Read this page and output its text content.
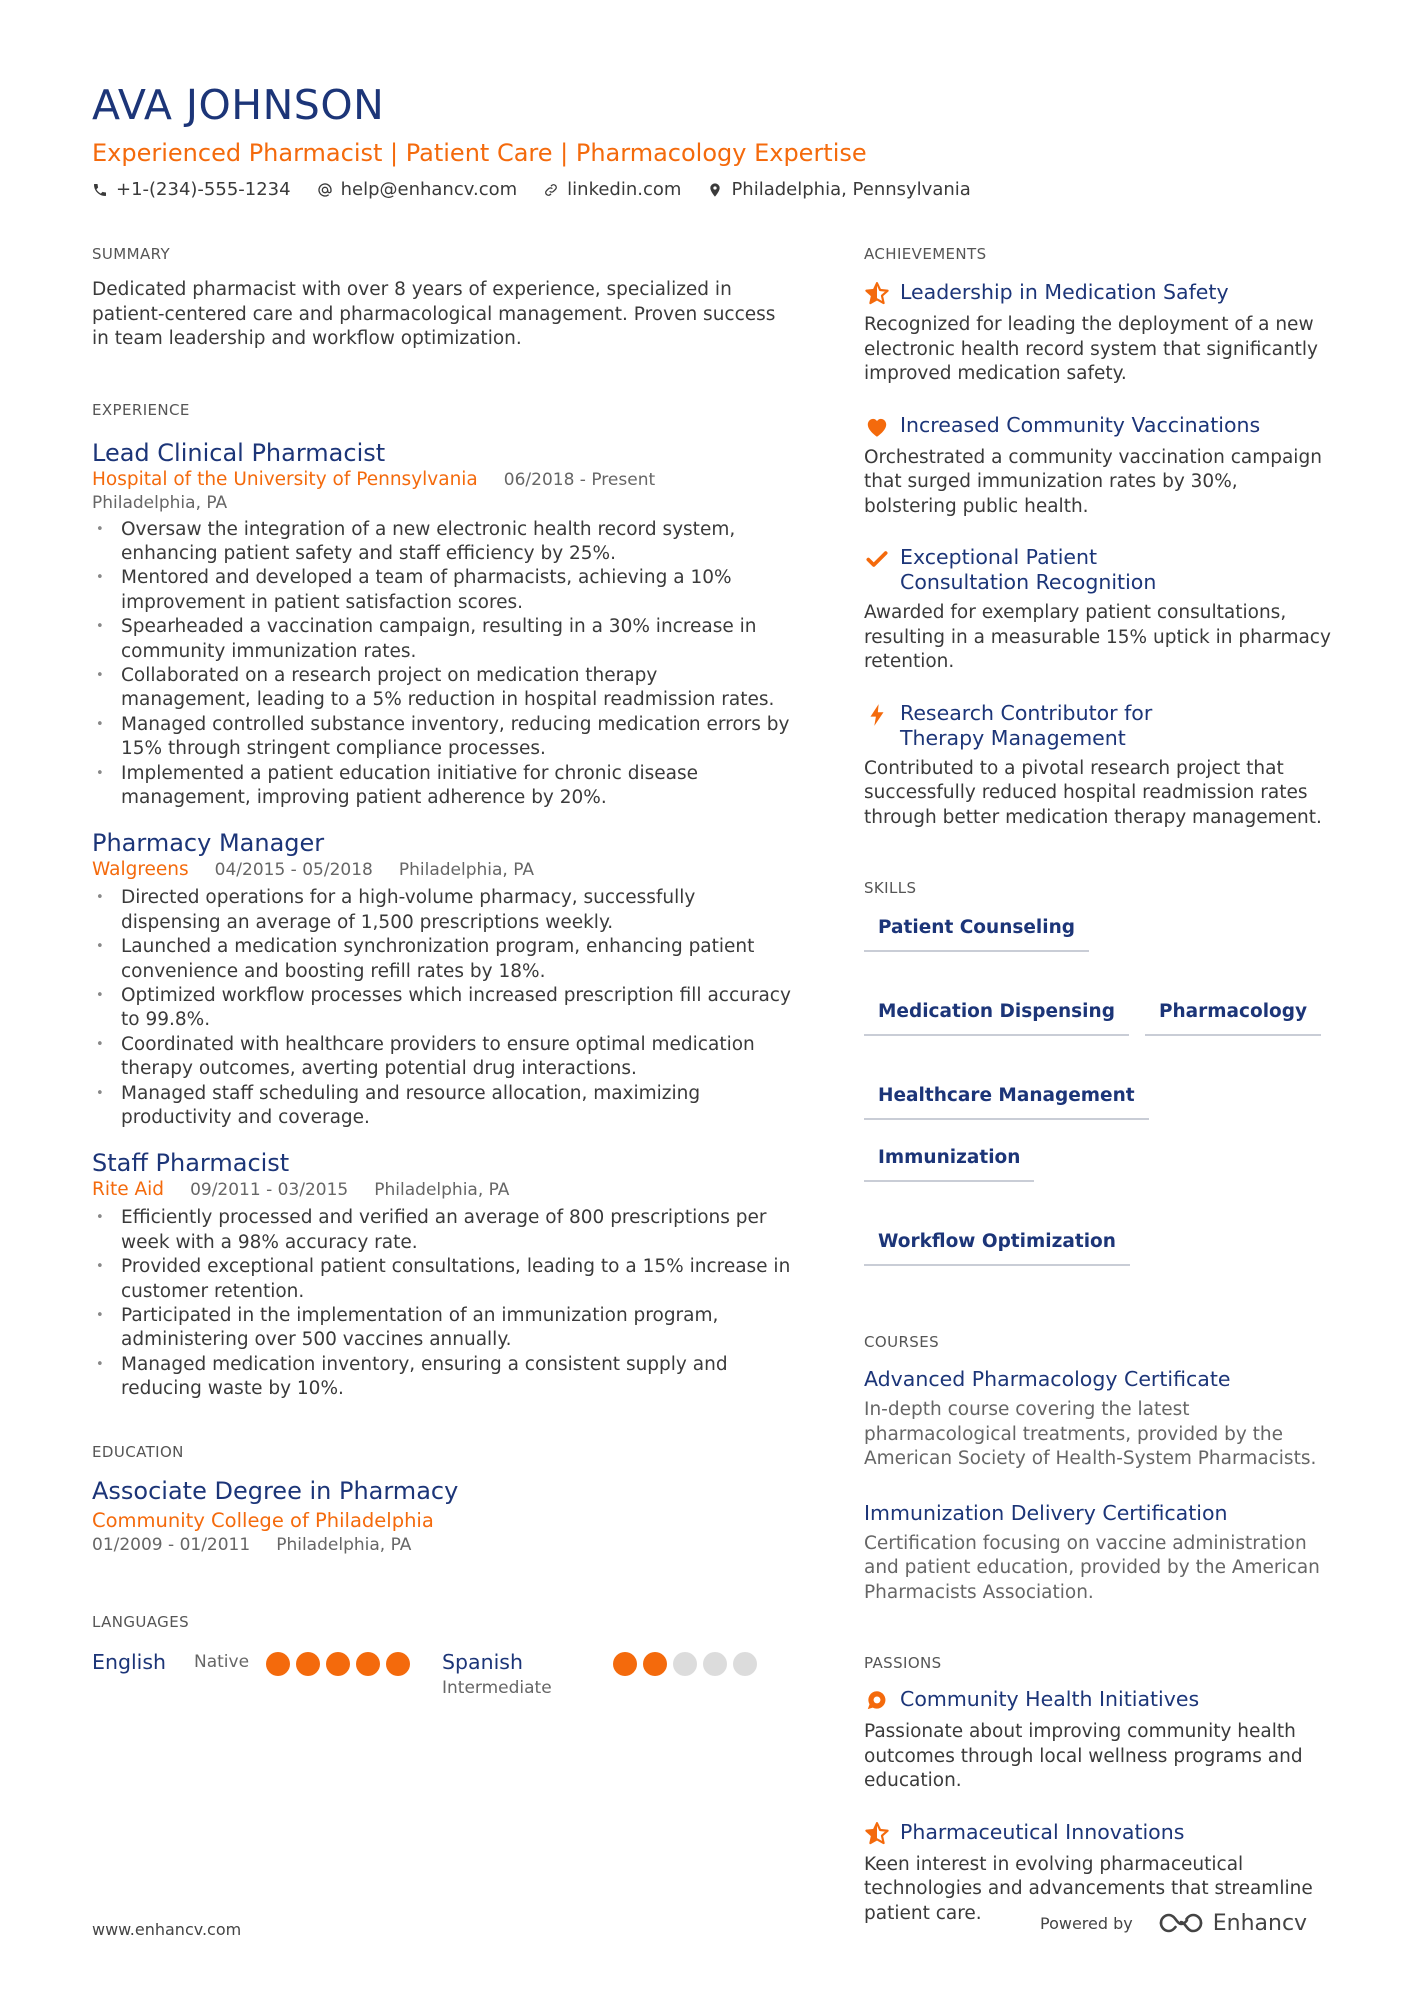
AVA JOHNSON
Experienced Pharmacist | Patient Care | Pharmacology Expertise
+1-(234)-555-1234	help@enhancv.com	linkedin.com	Philadelphia, Pennsylvania
SUMMARY

Dedicated pharmacist with over 8 years of experience, specialized in patient-centered care and pharmacological management. Proven success in team leadership and workflow optimization.

EXPERIENCE
Lead Clinical Pharmacist
Hospital of the University of Pennsylvania 06/2018 - Present
Philadelphia, PA
• Oversaw the integration of a new electronic health record system, enhancing patient safety and staff efficiency by 25%.
• Mentored and developed a team of pharmacists, achieving a 10% improvement in patient satisfaction scores.
• Spearheaded a vaccination campaign, resulting in a 30% increase in community immunization rates.
• Collaborated on a research project on medication therapy management, leading to a 5% reduction in hospital readmission rates.
• Managed controlled substance inventory, reducing medication errors by 15% through stringent compliance processes.
• Implemented a patient education initiative for chronic disease management, improving patient adherence by 20%.
Pharmacy Manager
Walgreens 04/2015 - 05/2018 Philadelphia, PA
• Directed operations for a high-volume pharmacy, successfully dispensing an average of 1,500 prescriptions weekly.
• Launched a medication synchronization program, enhancing patient convenience and boosting refill rates by 18%.
• Optimized workflow processes which increased prescription fill accuracy to 99.8%.
• Coordinated with healthcare providers to ensure optimal medication therapy outcomes, averting potential drug interactions.
• Managed staff scheduling and resource allocation, maximizing productivity and coverage.
Staff Pharmacist
Rite Aid 09/2011 - 03/2015 Philadelphia, PA
• Efficiently processed and verified an average of 800 prescriptions per week with a 98% accuracy rate.
• Provided exceptional patient consultations, leading to a 15% increase in customer retention.
• Participated in the implementation of an immunization program, administering over 500 vaccines annually.
• Managed medication inventory, ensuring a consistent supply and reducing waste by 10%.
EDUCATION
Associate Degree in Pharmacy
Community College of Philadelphia
01/2009 - 01/2011 Philadelphia, PA
LANGUAGES
English	Native	Spanish
Intermediate
ACHIEVEMENTS
Leadership in Medication Safety
Recognized for leading the deployment of a new electronic health record system that significantly improved medication safety.
Increased Community Vaccinations
Orchestrated a community vaccination campaign that surged immunization rates by 30%, bolstering public health.
Exceptional Patient Consultation Recognition
Awarded for exemplary patient consultations, resulting in a measurable 15% uptick in pharmacy retention.
Research Contributor for Therapy Management
Contributed to a pivotal research project that successfully reduced hospital readmission rates through better medication therapy management.
SKILLS
Patient Counseling
Medication Dispensing	Pharmacology
Healthcare Management
Immunization
Workflow Optimization
COURSES
Advanced Pharmacology Certificate
In-depth course covering the latest pharmacological treatments, provided by the American Society of Health-System Pharmacists.
Immunization Delivery Certification
Certification focusing on vaccine administration and patient education, provided by the American Pharmacists Association.
PASSIONS
Community Health Initiatives
Passionate about improving community health outcomes through local wellness programs and education.
Pharmaceutical Innovations
Keen interest in evolving pharmaceutical technologies and advancements that streamline patient care.
www.enhancv.com	Powered by	Enhancv
